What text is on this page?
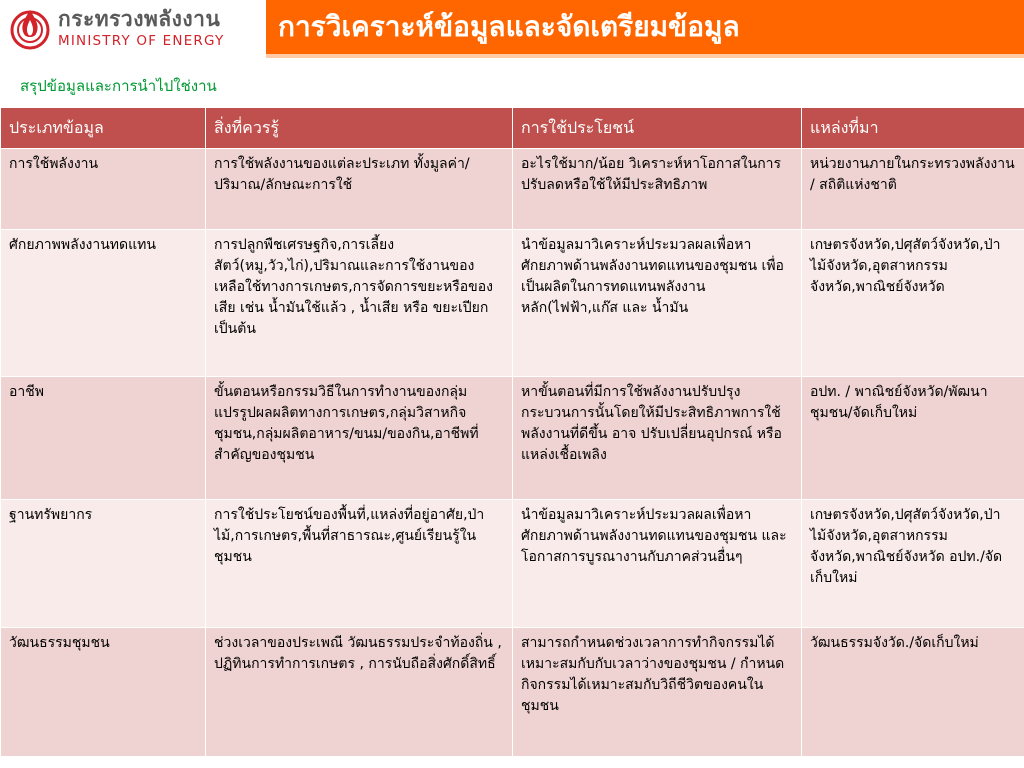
กระทรวงพลังงาน
MINISTRY OF ENERGY	การวิเคราะห์ข้อมูลและจัดเตรียมข้อมูล
สรุปข้อมูลและการนำไปใช่งาน
ประเภทข้อมูล	สิ่งที่ควรรู้	การใช้ประโยชน์	แหล่งที่มา
การใช้พลังงาน	การใช้พลังงานของแต่ละประเภท ทั้งมูลค่า/ปริมาณ/ลักษณะการใช้	อะไรใช้มาก/น้อย วิเคราะห์หาโอกาสในการปรับลดหรือใช้ให้มีประสิทธิภาพ	หน่วยงานภายในกระทรวงพลังงาน / สถิติแห่งชาติ
ศักยภาพพลังงานทดแทน	การปลูกพืชเศรษฐกิจ,การเลี้ยงสัตว์(หมู,วัว,ไก่),ปริมาณและการใช้งานของเหลือใช้ทางการเกษตร,การจัดการขยะหรือของเสีย เช่น น้ำมันใช้แล้ว , น้ำเสีย หรือ ขยะเปียกเป็นต้น	นำข้อมูลมาวิเคราะห์ประมวลผลเพื่อหาศักยภาพด้านพลังงานทดแทนของชุมชน เพื่อเป็นผลิตในการทดแทนพลังงานหลัก(ไฟฟ้า,แก๊ส และ น้ำมัน	เกษตรจังหวัด,ปศุสัตว์จังหวัด,ป่าไม้จังหวัด,อุตสาหกรรมจังหวัด,พาณิชย์จังหวัด
อาชีพ	ขั้นตอนหรือกรรมวิธีในการทำงานของกลุ่มแปรรูปผลผลิตทางการเกษตร,กลุ่มวิสาหกิจชุมชน,กลุ่มผลิตอาหาร/ขนม/ของกิน,อาชีพที่สำคัญของชุมชน	หาขั้นตอนที่มีการใช้พลังงานปรับปรุงกระบวนการนั้นโดยให้มีประสิทธิภาพการใช้พลังงานที่ดีขึ้น อาจ ปรับเปลี่ยนอุปกรณ์ หรือแหล่งเชื้อเพลิง	อปท. / พาณิชย์จังหวัด/พัฒนาชุมชน/จัดเก็บใหม่
ฐานทรัพยากร	การใช้ประโยชน์ของพื้นที่,แหล่งที่อยู่อาศัย,ป่าไม้,การเกษตร,พื้นที่สาธารณะ,ศูนย์เรียนรู้ในชุมชน	นำข้อมูลมาวิเคราะห์ประมวลผลเพื่อหาศักยภาพด้านพลังงานทดแทนของชุมชน และ โอกาสการบูรณางานกับภาคส่วนอื่นๆ	เกษตรจังหวัด,ปศุสัตว์จังหวัด,ป่าไม้จังหวัด,อุตสาหกรรมจังหวัด,พาณิชย์จังหวัด อปท./จัดเก็บใหม่
วัฒนธรรมชุมชน	ช่วงเวลาของประเพณี วัฒนธรรมประจำท้องถิ่น , ปฏิทินการทำการเกษตร , การนับถือสิ่งศักดิ์สิทธิ์	สามารถกำหนดช่วงเวลาการทำกิจกรรมได้เหมาะสมกับกับเวลาว่างของชุมชน / กำหนดกิจกรรมได้เหมาะสมกับวิถีชีวิตของคนในชุมชน	วัฒนธรรมจังวัด./จัดเก็บใหม่
